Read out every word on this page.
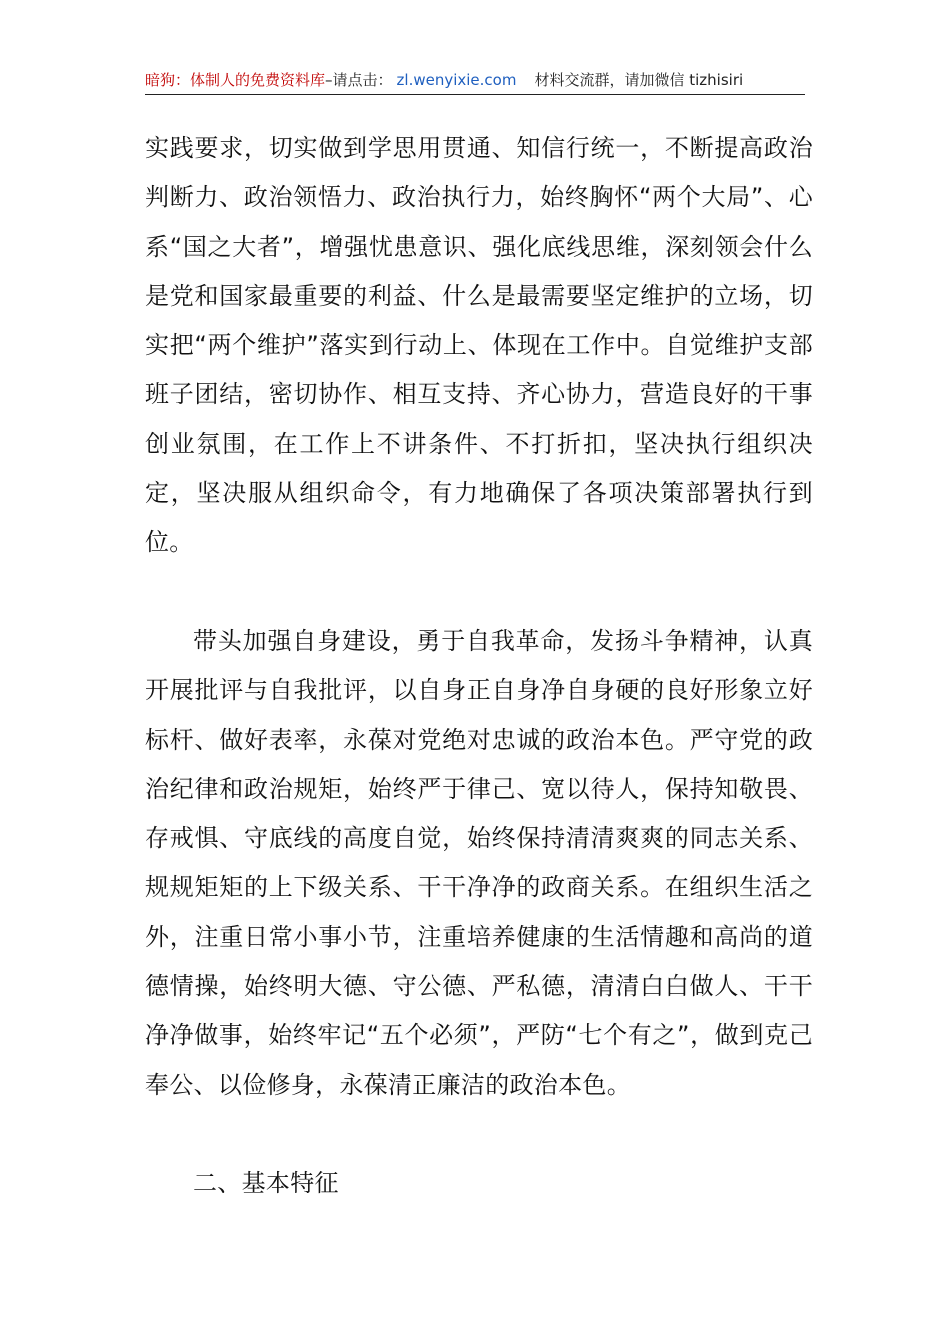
暗狗：体制人的免费资料库–请点击： zl.wenyixie.com 材料交流群，请加微信 tizhisiri

实践要求，切实做到学思用贯通、知信行统一，不断提高政治判断力、政治领悟力、政治执行力，始终胸怀“两个大局”、心系“国之大者”，增强忧患意识、强化底线思维，深刻领会什么是党和国家最重要的利益、什么是最需要坚定维护的立场，切实把“两个维护”落实到行动上、体现在工作中。自觉维护支部班子团结，密切协作、相互支持、齐心协力，营造良好的干事创业氛围，在工作上不讲条件、不打折扣，坚决执行组织决定，坚决服从组织命令，有力地确保了各项决策部署执行到位。

带头加强自身建设，勇于自我革命，发扬斗争精神，认真开展批评与自我批评，以自身正自身净自身硬的良好形象立好标杆、做好表率，永葆对党绝对忠诚的政治本色。严守党的政治纪律和政治规矩，始终严于律己、宽以待人，保持知敬畏、存戒惧、守底线的高度自觉，始终保持清清爽爽的同志关系、规规矩矩的上下级关系、干干净净的政商关系。在组织生活之外，注重日常小事小节，注重培养健康的生活情趣和高尚的道德情操，始终明大德、守公德、严私德，清清白白做人、干干净净做事，始终牢记“五个必须”，严防“七个有之”，做到克己奉公、以俭修身，永葆清正廉洁的政治本色。

二、基本特征
